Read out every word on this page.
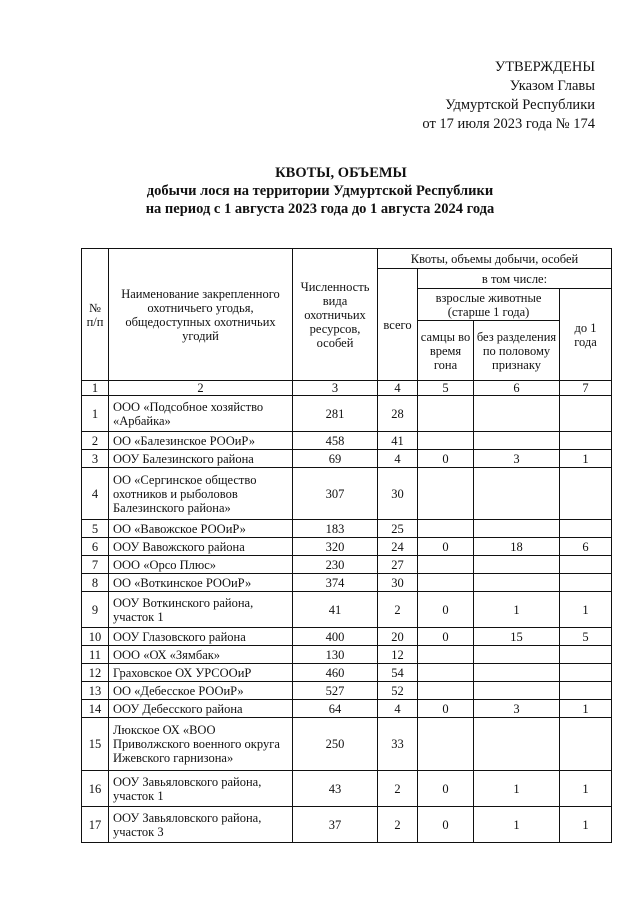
УТВЕРЖДЕНЫ
Указом Главы
Удмуртской Республики
от 17 июля 2023 года № 174
КВОТЫ, ОБЪЕМЫ
добычи лося на территории Удмуртской Республики
на период с 1 августа 2023 года до 1 августа 2024 года
№ п/п	Наименование закрепленного охотничьего угодья, общедоступных охотничьих угодий	Численность вида охотничьих ресурсов, особей	Квоты, объемы добычи, особей			
			всего	в том числе:		
				взрослые животные (старше 1 года)		до 1 года
				самцы во время гона	без разделения по половому признаку	
1	2	3	4	5	6	7
1	ООО «Подсобное хозяйство «Арбайка»	281	28			
2	ОО «Балезинское РООиР»	458	41			
3	ООУ Балезинского района	69	4	0	3	1
4	ОО «Сергинское общество охотников и рыболовов Балезинского района»	307	30			
5	ОО «Вавожское РООиР»	183	25			
6	ООУ Вавожского района	320	24	0	18	6
7	ООО «Орсо Плюс»	230	27			
8	ОО «Воткинское РООиР»	374	30			
9	ООУ Воткинского района, участок 1	41	2	0	1	1
10	ООУ Глазовского района	400	20	0	15	5
11	ООО «ОХ «Зямбак»	130	12			
12	Граховское ОХ УРСООиР	460	54			
13	ОО «Дебесское РООиР»	527	52			
14	ООУ Дебесского района	64	4	0	3	1
15	Люкское ОХ «ВОО Приволжского военного округа Ижевского гарнизона»	250	33			
16	ООУ Завьяловского района, участок 1	43	2	0	1	1
17	ООУ Завьяловского района, участок 3	37	2	0	1	1
